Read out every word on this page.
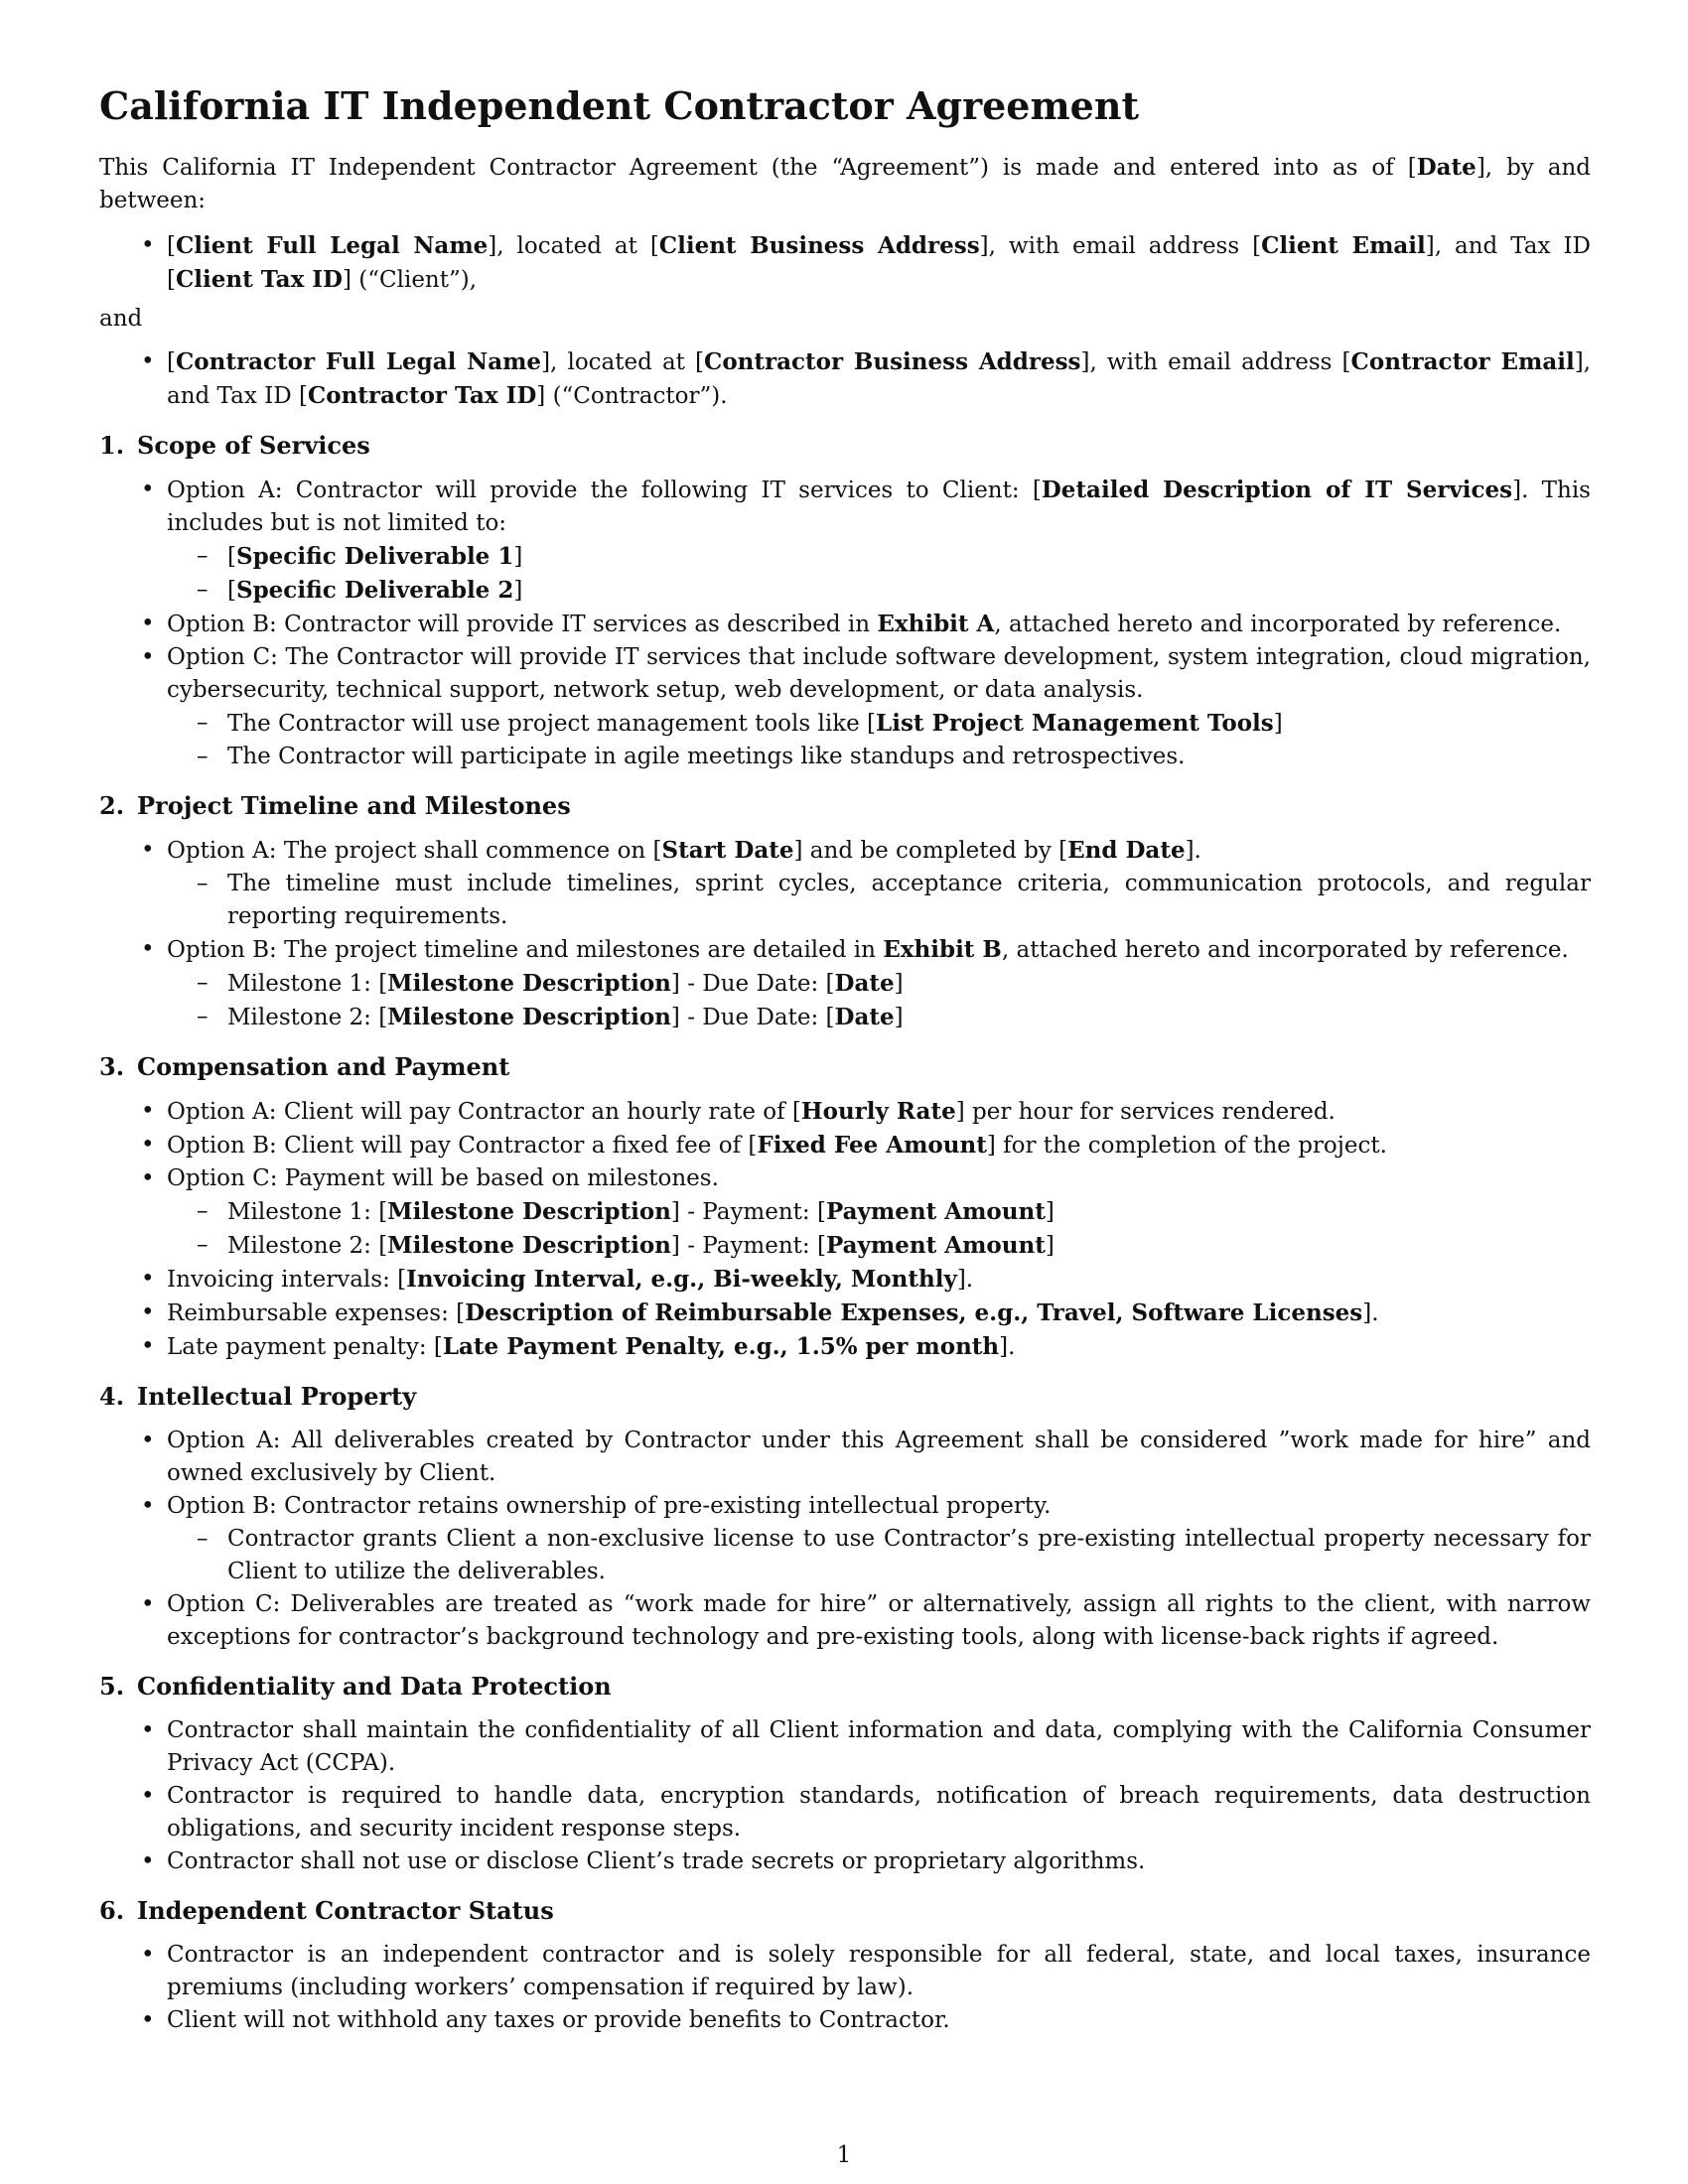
California IT Independent Contractor Agreement

This California IT Independent Contractor Agreement (the “Agreement”) is made and entered into as of [Date], by and between:

• [Client Full Legal Name], located at [Client Business Address], with email address [Client Email], and Tax ID [Client Tax ID] (“Client”),
and
• [Contractor Full Legal Name], located at [Contractor Business Address], with email address [Contractor Email], and Tax ID [Contractor Tax ID] (“Contractor”).
1. Scope of Services
• Option A: Contractor will provide the following IT services to Client: [Detailed Description of IT Services]. This includes but is not limited to:
– [Specific Deliverable 1]
– [Specific Deliverable 2]
• Option B: Contractor will provide IT services as described in Exhibit A, attached hereto and incorporated by reference.
• Option C: The Contractor will provide IT services that include software development, system integration, cloud migration, cybersecurity, technical support, network setup, web development, or data analysis.
– The Contractor will use project management tools like [List Project Management Tools]
– The Contractor will participate in agile meetings like standups and retrospectives.
2. Project Timeline and Milestones
• Option A: The project shall commence on [Start Date] and be completed by [End Date].
– The timeline must include timelines, sprint cycles, acceptance criteria, communication protocols, and regular reporting requirements.
• Option B: The project timeline and milestones are detailed in Exhibit B, attached hereto and incorporated by reference.
– Milestone 1: [Milestone Description] - Due Date: [Date]
– Milestone 2: [Milestone Description] - Due Date: [Date]
3. Compensation and Payment
• Option A: Client will pay Contractor an hourly rate of [Hourly Rate] per hour for services rendered.
• Option B: Client will pay Contractor a fixed fee of [Fixed Fee Amount] for the completion of the project.
• Option C: Payment will be based on milestones.
– Milestone 1: [Milestone Description] - Payment: [Payment Amount]
– Milestone 2: [Milestone Description] - Payment: [Payment Amount]
• Invoicing intervals: [Invoicing Interval, e.g., Bi-weekly, Monthly].
• Reimbursable expenses: [Description of Reimbursable Expenses, e.g., Travel, Software Licenses].
• Late payment penalty: [Late Payment Penalty, e.g., 1.5% per month].
4. Intellectual Property
• Option A: All deliverables created by Contractor under this Agreement shall be considered ”work made for hire” and owned exclusively by Client.
• Option B: Contractor retains ownership of pre-existing intellectual property.
– Contractor grants Client a non-exclusive license to use Contractor’s pre-existing intellectual property necessary for Client to utilize the deliverables.
• Option C: Deliverables are treated as “work made for hire” or alternatively, assign all rights to the client, with narrow exceptions for contractor’s background technology and pre-existing tools, along with license-back rights if agreed.
5. Confidentiality and Data Protection
• Contractor shall maintain the confidentiality of all Client information and data, complying with the California Consumer Privacy Act (CCPA).
• Contractor is required to handle data, encryption standards, notification of breach requirements, data destruction obligations, and security incident response steps.
• Contractor shall not use or disclose Client’s trade secrets or proprietary algorithms.
6. Independent Contractor Status
• Contractor is an independent contractor and is solely responsible for all federal, state, and local taxes, insurance premiums (including workers’ compensation if required by law).
• Client will not withhold any taxes or provide benefits to Contractor.
1
